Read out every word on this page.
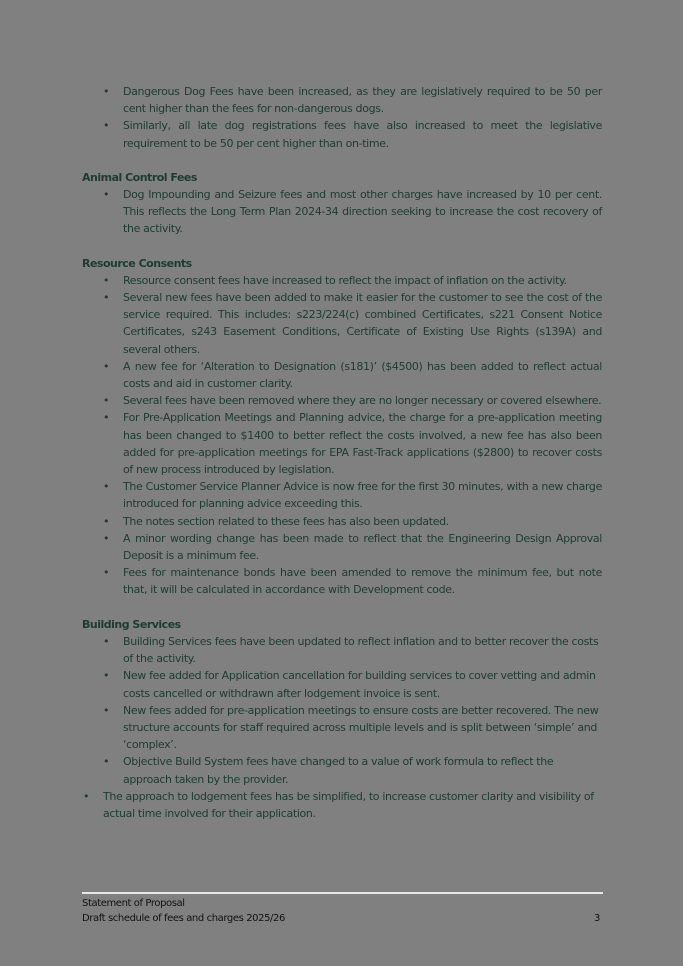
• Dangerous Dog Fees have been increased, as they are legislatively required to be 50 per cent higher than the fees for non-dangerous dogs.
• Similarly, all late dog registrations fees have also increased to meet the legislative requirement to be 50 per cent higher than on-time.
Animal Control Fees
• Dog Impounding and Seizure fees and most other charges have increased by 10 per cent. This reflects the Long Term Plan 2024-34 direction seeking to increase the cost recovery of the activity.
Resource Consents
• Resource consent fees have increased to reflect the impact of inflation on the activity.
• Several new fees have been added to make it easier for the customer to see the cost of the service required. This includes: s223/224(c) combined Certificates, s221 Consent Notice Certificates, s243 Easement Conditions, Certificate of Existing Use Rights (s139A) and several others.
• A new fee for ‘Alteration to Designation (s181)’ ($4500) has been added to reflect actual costs and aid in customer clarity.
• Several fees have been removed where they are no longer necessary or covered elsewhere.
• For Pre-Application Meetings and Planning advice, the charge for a pre-application meeting has been changed to $1400 to better reflect the costs involved, a new fee has also been added for pre-application meetings for EPA Fast-Track applications ($2800) to recover costs of new process introduced by legislation.
• The Customer Service Planner Advice is now free for the first 30 minutes, with a new charge introduced for planning advice exceeding this.
• The notes section related to these fees has also been updated.
• A minor wording change has been made to reflect that the Engineering Design Approval Deposit is a minimum fee.
• Fees for maintenance bonds have been amended to remove the minimum fee, but note that, it will be calculated in accordance with Development code.
Building Services
• Building Services fees have been updated to reflect inflation and to better recover the costs of the activity.
• New fee added for Application cancellation for building services to cover vetting and admin costs cancelled or withdrawn after lodgement invoice is sent.
• New fees added for pre-application meetings to ensure costs are better recovered. The new structure accounts for staff required across multiple levels and is split between ‘simple’ and ‘complex’.
• Objective Build System fees have changed to a value of work formula to reflect the approach taken by the provider.
• The approach to lodgement fees has be simplified, to increase customer clarity and visibility of actual time involved for their application.
Statement of Proposal
Draft schedule of fees and charges 2025/26	3
